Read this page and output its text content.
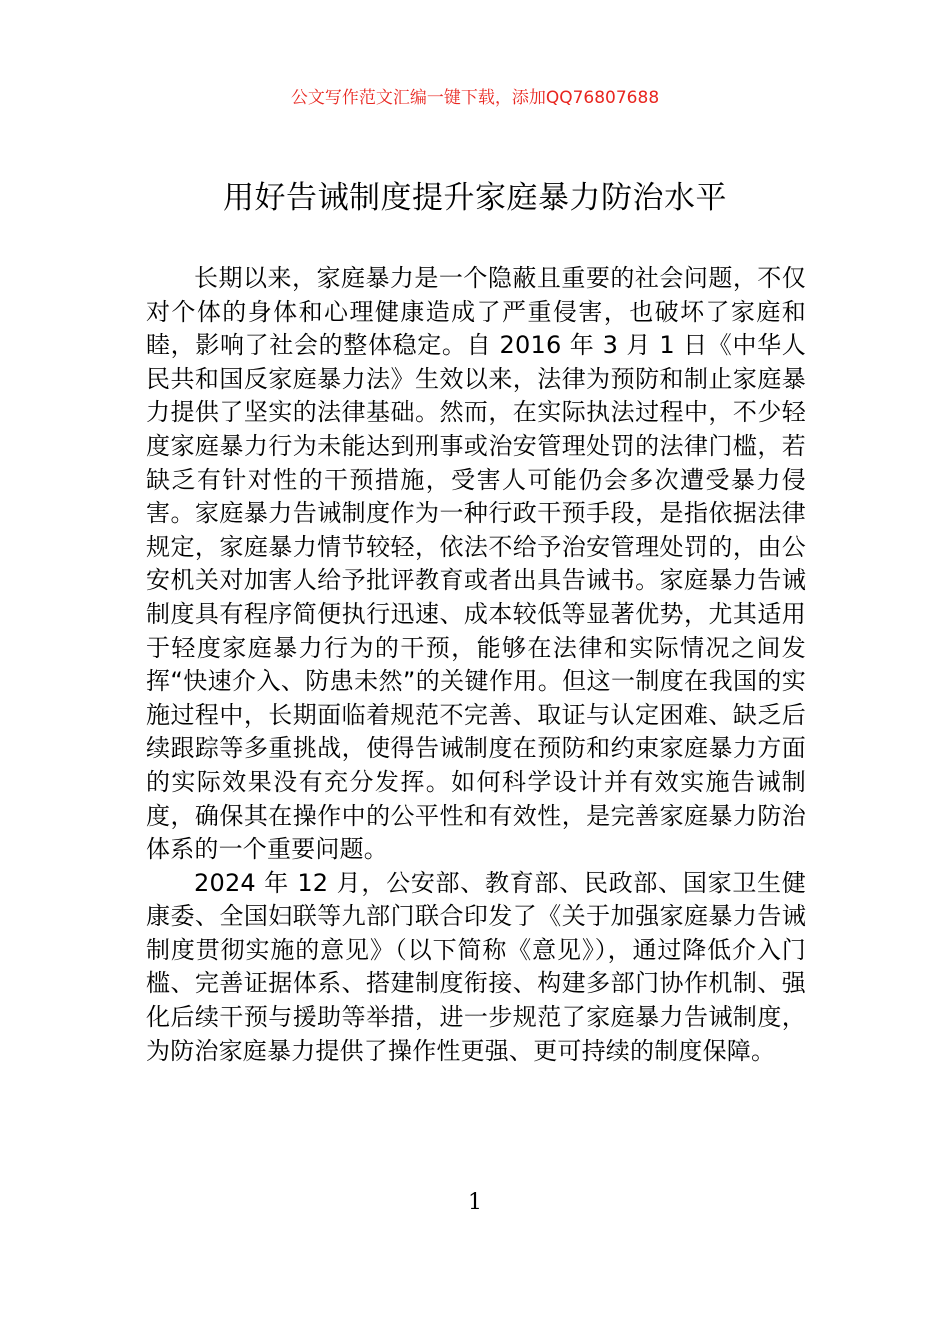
公文写作范文汇编一键下载，添加QQ76807688
用好告诫制度提升家庭暴力防治水平

长期以来，家庭暴力是一个隐蔽且重要的社会问题，不仅对个体的身体和心理健康造成了严重侵害，也破坏了家庭和睦，影响了社会的整体稳定。自 2016 年 3 月 1 日《中华人民共和国反家庭暴力法》生效以来，法律为预防和制止家庭暴力提供了坚实的法律基础。然而，在实际执法过程中，不少轻度家庭暴力行为未能达到刑事或治安管理处罚的法律门槛，若缺乏有针对性的干预措施，受害人可能仍会多次遭受暴力侵害。家庭暴力告诫制度作为一种行政干预手段，是指依据法律规定，家庭暴力情节较轻，依法不给予治安管理处罚的，由公安机关对加害人给予批评教育或者出具告诫书。家庭暴力告诫制度具有程序简便执行迅速、成本较低等显著优势，尤其适用于轻度家庭暴力行为的干预，能够在法律和实际情况之间发挥“快速介入、防患未然”的关键作用。但这一制度在我国的实施过程中，长期面临着规范不完善、取证与认定困难、缺乏后续跟踪等多重挑战，使得告诫制度在预防和约束家庭暴力方面的实际效果没有充分发挥。如何科学设计并有效实施告诫制度，确保其在操作中的公平性和有效性，是完善家庭暴力防治体系的一个重要问题。

2024 年 12 月，公安部、教育部、民政部、国家卫生健康委、全国妇联等九部门联合印发了《关于加强家庭暴力告诫制度贯彻实施的意见》（以下简称《意见》），通过降低介入门槛、完善证据体系、搭建制度衔接、构建多部门协作机制、强化后续干预与援助等举措，进一步规范了家庭暴力告诫制度，为防治家庭暴力提供了操作性更强、更可持续的制度保障。

1
